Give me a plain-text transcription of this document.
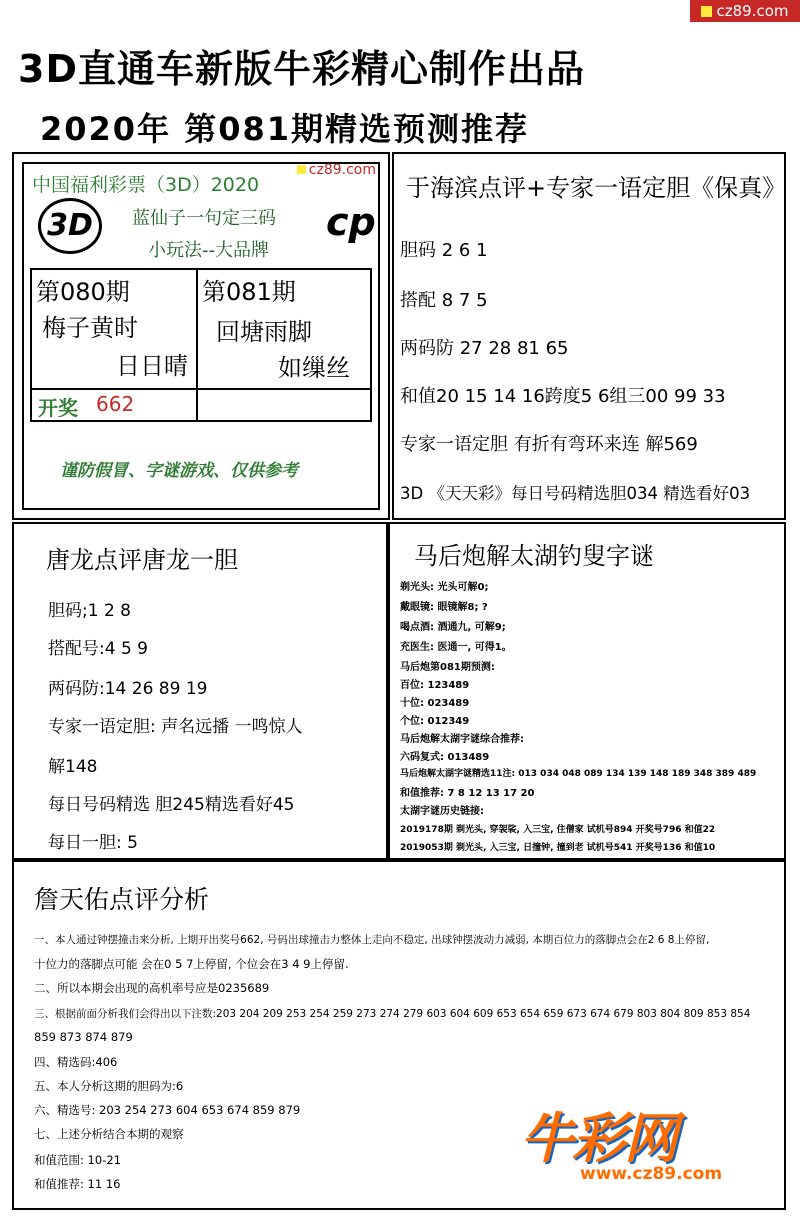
cz89.com
3D直通车新版牛彩精心制作出品
2020年 第081期精选预测推荐
中国福利彩票（3D）2020
cz89.com
3D	蓝仙子一句定三码
小玩法--大品牌
cp
第080期
梅子黄时
日日晴
第081期
回塘雨脚
如缫丝
开奖 662
谨防假冒、字谜游戏、仅供参考
于海滨点评+专家一语定胆《保真》
胆码 2 6 1
搭配 8 7 5
两码防 27 28 81 65
和值20 15 14 16跨度5 6组三00 99 33
专家一语定胆 有折有弯环来连 解569
3D 《天天彩》每日号码精选胆034 精选看好03
唐龙点评唐龙一胆
胆码;1 2 8
搭配号:4 5 9
两码防:14 26 89 19
专家一语定胆: 声名远播 一鸣惊人
解148
每日号码精选 胆245精选看好45
每日一胆: 5
马后炮解太湖钓叟字谜
剃光头: 光头可解0;
戴眼镜: 眼镜解8; ?
喝点酒: 酒通九, 可解9;
充医生: 医通一, 可得1。
马后炮第081期预测:
百位: 123489
十位: 023489
个位: 012349
马后炮解太湖字谜综合推荐:
六码复式: 013489
马后炮解太湖字谜精选11注: 013 034 048 089 134 139 148 189 348 389 489
和值推荐: 7 8 12 13 17 20
太湖字谜历史链接:
2019178期 剃光头, 穿袈裟, 入三宝, 住僧家 试机号894 开奖号796 和值22
2019053期 剃光头, 入三宝, 日撞钟, 撞到老 试机号541 开奖号136 和值10
詹天佑点评分析
一、本人通过钟摆撞击来分析, 上期开出奖号662, 号码出球撞击力整体上走向不稳定, 出球钟摆波动力减弱, 本期百位力的落脚点会在2 6 8上停留,
十位力的落脚点可能 会在0 5 7上停留, 个位会在3 4 9上停留.
二、所以本期会出现的高机率号应是0235689
三、根据前面分析我们会得出以下注数:203 204 209 253 254 259 273 274 279 603 604 609 653 654 659 673 674 679 803 804 809 853 854
859 873 874 879
四、精选码:406
五、本人分析这期的胆码为:6
六、精选号: 203 254 273 604 653 674 859 879
七、上述分析结合本期的观察
和值范围: 10-21
和值推荐: 11 16
牛彩网
www.cz89.com
